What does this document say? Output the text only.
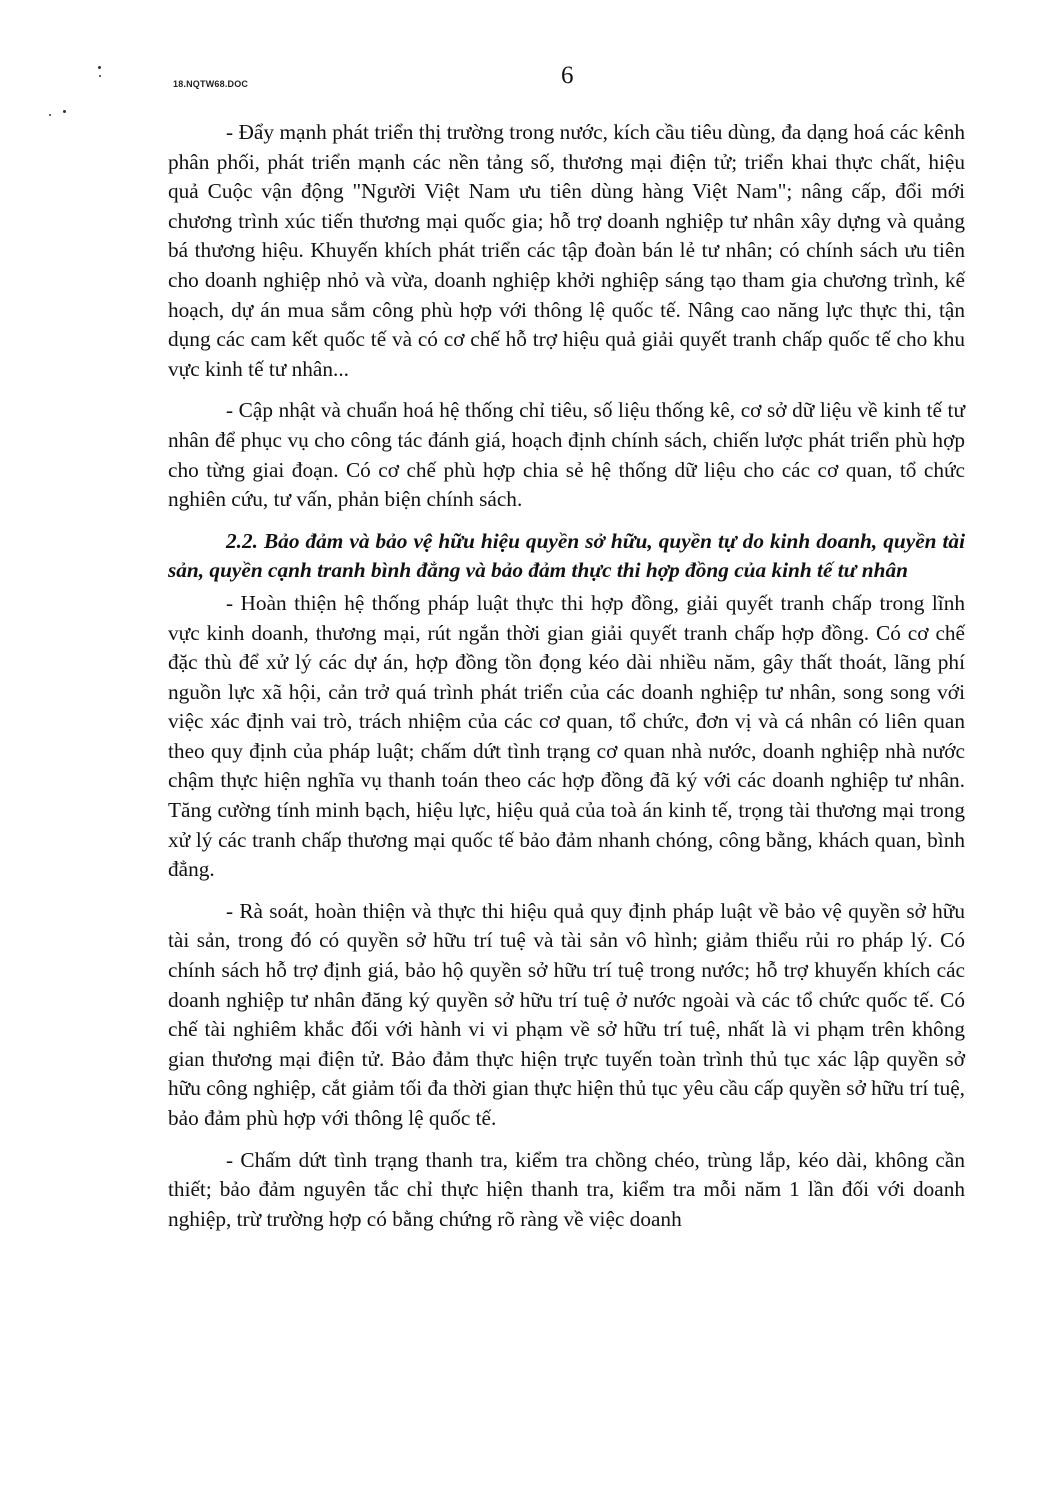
18.NQTW68.DOC	6

- Đẩy mạnh phát triển thị trường trong nước, kích cầu tiêu dùng, đa dạng hoá các kênh phân phối, phát triển mạnh các nền tảng số, thương mại điện tử; triển khai thực chất, hiệu quả Cuộc vận động "Người Việt Nam ưu tiên dùng hàng Việt Nam"; nâng cấp, đổi mới chương trình xúc tiến thương mại quốc gia; hỗ trợ doanh nghiệp tư nhân xây dựng và quảng bá thương hiệu. Khuyến khích phát triển các tập đoàn bán lẻ tư nhân; có chính sách ưu tiên cho doanh nghiệp nhỏ và vừa, doanh nghiệp khởi nghiệp sáng tạo tham gia chương trình, kế hoạch, dự án mua sắm công phù hợp với thông lệ quốc tế. Nâng cao năng lực thực thi, tận dụng các cam kết quốc tế và có cơ chế hỗ trợ hiệu quả giải quyết tranh chấp quốc tế cho khu vực kinh tế tư nhân...

- Cập nhật và chuẩn hoá hệ thống chỉ tiêu, số liệu thống kê, cơ sở dữ liệu về kinh tế tư nhân để phục vụ cho công tác đánh giá, hoạch định chính sách, chiến lược phát triển phù hợp cho từng giai đoạn. Có cơ chế phù hợp chia sẻ hệ thống dữ liệu cho các cơ quan, tổ chức nghiên cứu, tư vấn, phản biện chính sách.

2.2. Bảo đảm và bảo vệ hữu hiệu quyền sở hữu, quyền tự do kinh doanh, quyền tài sản, quyền cạnh tranh bình đẳng và bảo đảm thực thi hợp đồng của kinh tế tư nhân

- Hoàn thiện hệ thống pháp luật thực thi hợp đồng, giải quyết tranh chấp trong lĩnh vực kinh doanh, thương mại, rút ngắn thời gian giải quyết tranh chấp hợp đồng. Có cơ chế đặc thù để xử lý các dự án, hợp đồng tồn đọng kéo dài nhiều năm, gây thất thoát, lãng phí nguồn lực xã hội, cản trở quá trình phát triển của các doanh nghiệp tư nhân, song song với việc xác định vai trò, trách nhiệm của các cơ quan, tổ chức, đơn vị và cá nhân có liên quan theo quy định của pháp luật; chấm dứt tình trạng cơ quan nhà nước, doanh nghiệp nhà nước chậm thực hiện nghĩa vụ thanh toán theo các hợp đồng đã ký với các doanh nghiệp tư nhân. Tăng cường tính minh bạch, hiệu lực, hiệu quả của toà án kinh tế, trọng tài thương mại trong xử lý các tranh chấp thương mại quốc tế bảo đảm nhanh chóng, công bằng, khách quan, bình đẳng.

- Rà soát, hoàn thiện và thực thi hiệu quả quy định pháp luật về bảo vệ quyền sở hữu tài sản, trong đó có quyền sở hữu trí tuệ và tài sản vô hình; giảm thiểu rủi ro pháp lý. Có chính sách hỗ trợ định giá, bảo hộ quyền sở hữu trí tuệ trong nước; hỗ trợ khuyến khích các doanh nghiệp tư nhân đăng ký quyền sở hữu trí tuệ ở nước ngoài và các tổ chức quốc tế. Có chế tài nghiêm khắc đối với hành vi vi phạm về sở hữu trí tuệ, nhất là vi phạm trên không gian thương mại điện tử. Bảo đảm thực hiện trực tuyến toàn trình thủ tục xác lập quyền sở hữu công nghiệp, cắt giảm tối đa thời gian thực hiện thủ tục yêu cầu cấp quyền sở hữu trí tuệ, bảo đảm phù hợp với thông lệ quốc tế.

- Chấm dứt tình trạng thanh tra, kiểm tra chồng chéo, trùng lắp, kéo dài, không cần thiết; bảo đảm nguyên tắc chỉ thực hiện thanh tra, kiểm tra mỗi năm 1 lần đối với doanh nghiệp, trừ trường hợp có bằng chứng rõ ràng về việc doanh
